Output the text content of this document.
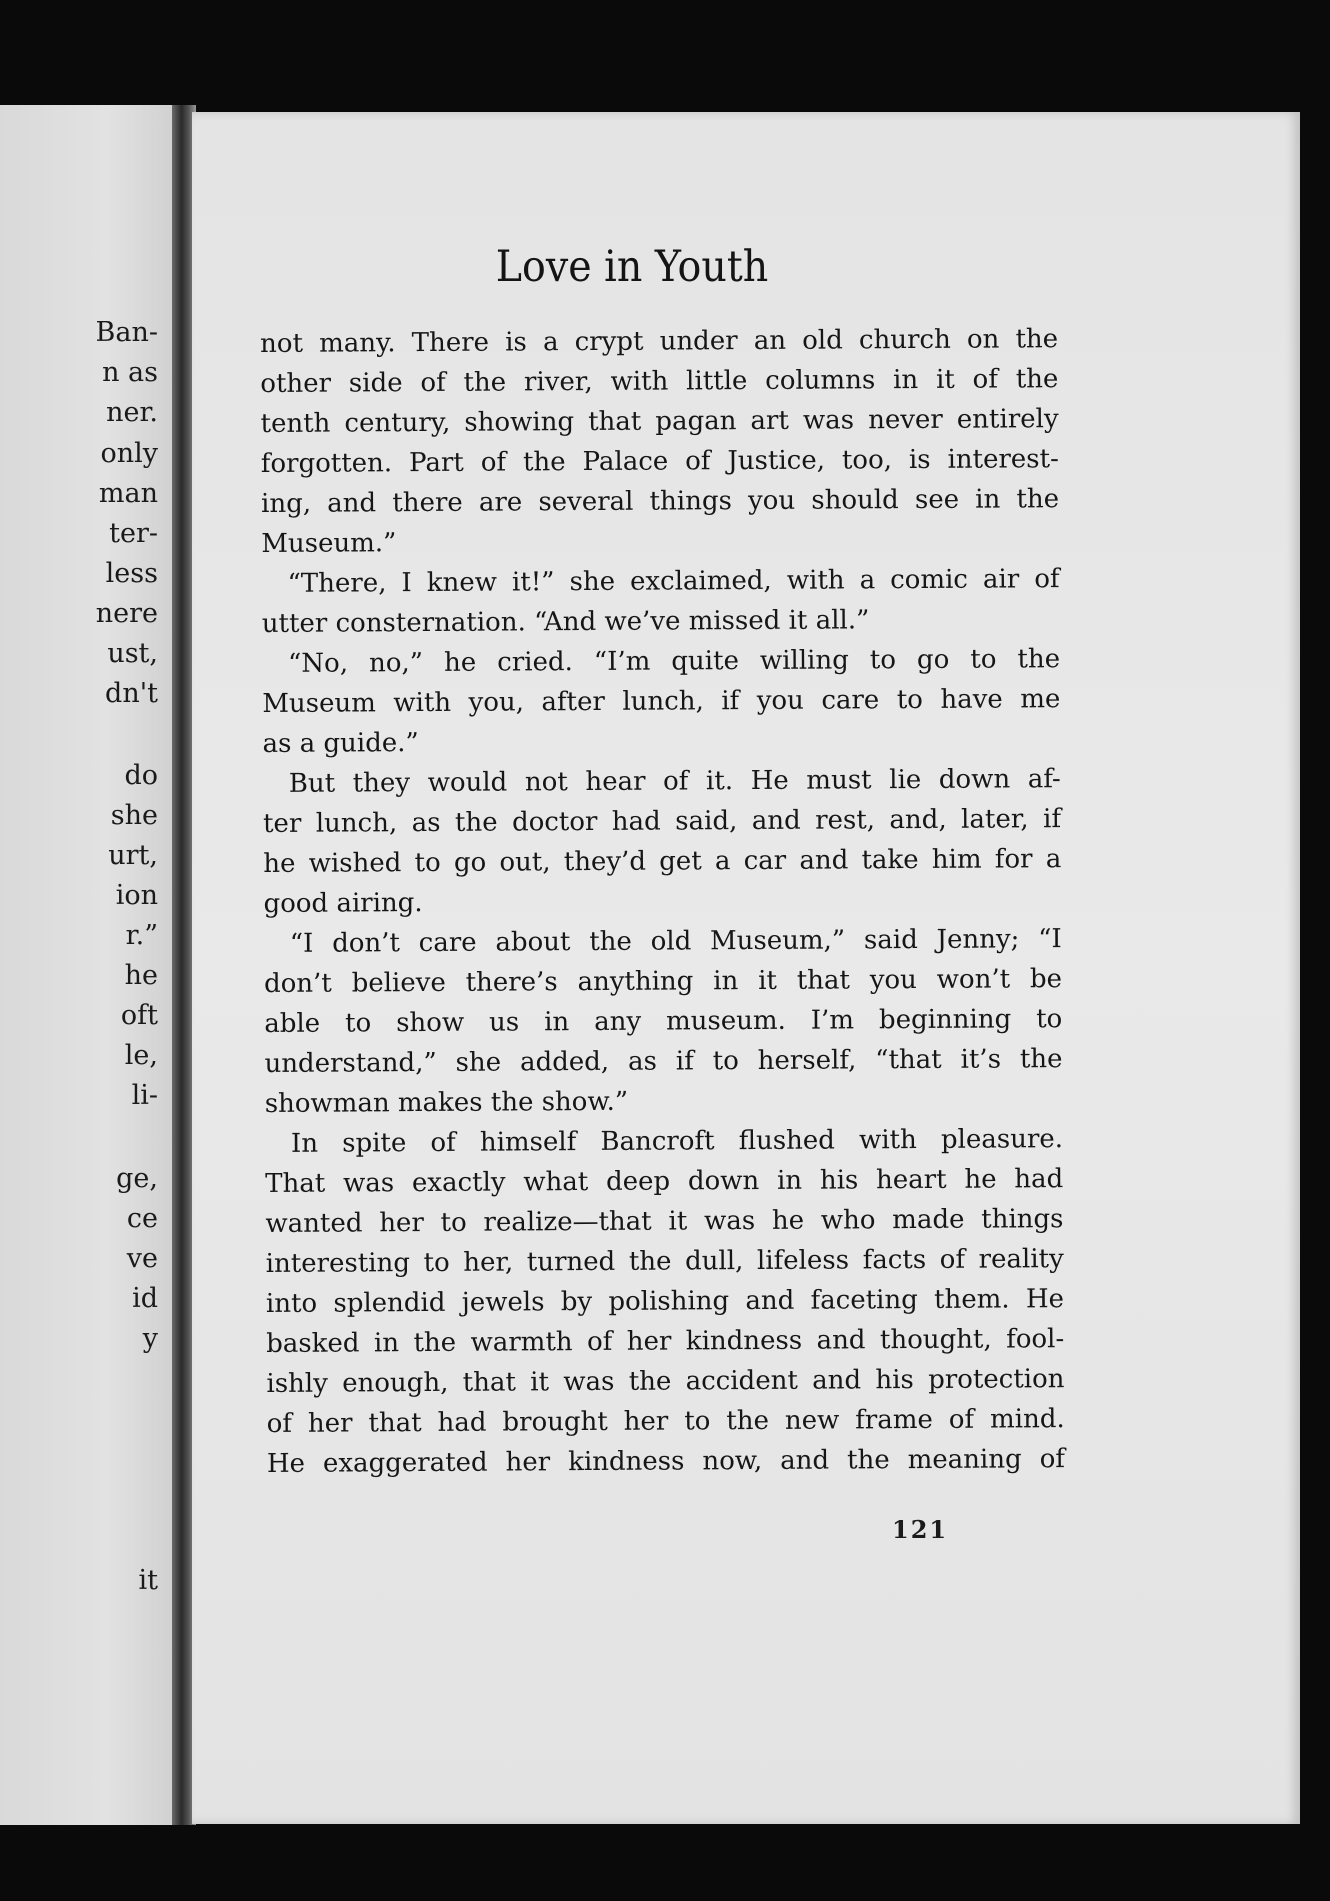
Ban-
n as
ner.
only
man
ter-
less
nere
ust,
dn't
do
she
urt,
ion
r.”
he
oft
le,
li-
ge,
ce
ve
id
y
it
Love in Youth
not many. There is a crypt under an old church on the
other side of the river, with little columns in it of the
tenth century, showing that pagan art was never entirely
forgotten. Part of the Palace of Justice, too, is interest-
ing, and there are several things you should see in the
Museum.”
“There, I knew it!” she exclaimed, with a comic air of
utter consternation. “And we’ve missed it all.”
“No, no,” he cried. “I’m quite willing to go to the
Museum with you, after lunch, if you care to have me
as a guide.”
But they would not hear of it. He must lie down af-
ter lunch, as the doctor had said, and rest, and, later, if
he wished to go out, they’d get a car and take him for a
good airing.
“I don’t care about the old Museum,” said Jenny; “I
don’t believe there’s anything in it that you won’t be
able to show us in any museum. I’m beginning to
understand,” she added, as if to herself, “that it’s the
showman makes the show.”
In spite of himself Bancroft flushed with pleasure.
That was exactly what deep down in his heart he had
wanted her to realize—that it was he who made things
interesting to her, turned the dull, lifeless facts of reality
into splendid jewels by polishing and faceting them. He
basked in the warmth of her kindness and thought, fool-
ishly enough, that it was the accident and his protection
of her that had brought her to the new frame of mind.
He exaggerated her kindness now, and the meaning of
121
